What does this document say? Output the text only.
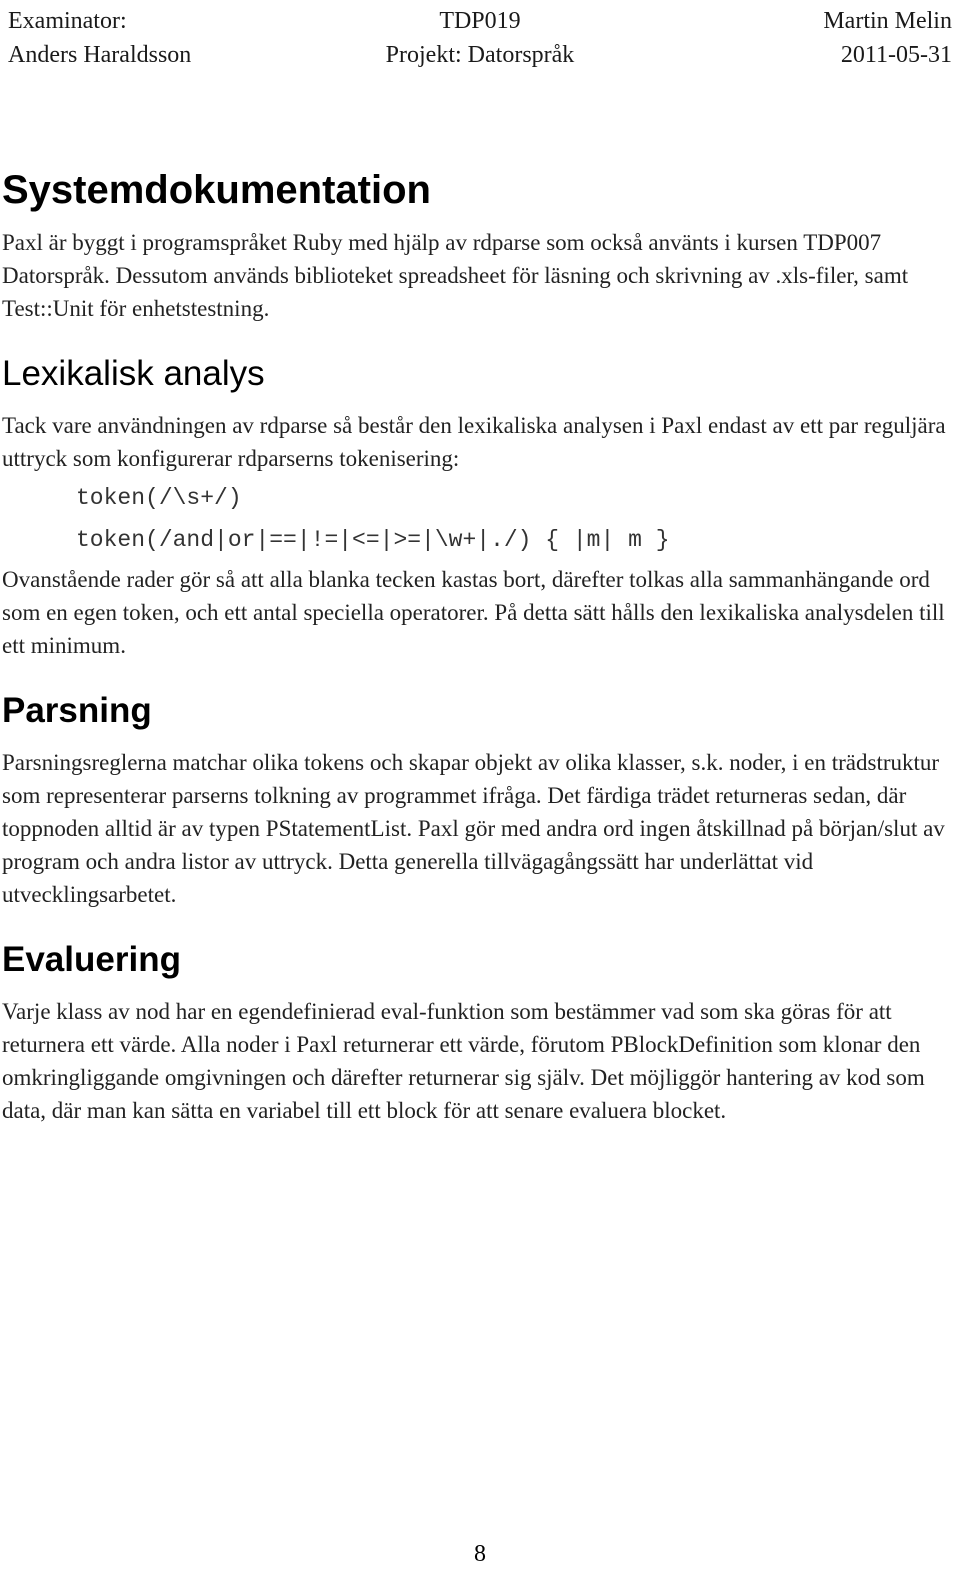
Examinator:	TDP019	Martin Melin
Anders Haraldsson	Projekt: Datorspråk	2011-05-31
Systemdokumentation

Paxl är byggt i programspråket Ruby med hjälp av rdparse som också använts i kursen TDP007 Datorspråk. Dessutom används biblioteket spreadsheet för läsning och skrivning av .xls-filer, samt Test::Unit för enhetstestning.

Lexikalisk analys

Tack vare användningen av rdparse så består den lexikaliska analysen i Paxl endast av ett par reguljära uttryck som konfigurerar rdparserns tokenisering:

token(/\s+/)
token(/and|or|==|!=|<=|>=|\w+|./) { |m| m }

Ovanstående rader gör så att alla blanka tecken kastas bort, därefter tolkas alla sammanhängande ord som en egen token, och ett antal speciella operatorer. På detta sätt hålls den lexikaliska analysdelen till ett minimum.

Parsning

Parsningsreglerna matchar olika tokens och skapar objekt av olika klasser, s.k. noder, i en trädstruktur som representerar parserns tolkning av programmet ifråga. Det färdiga trädet returneras sedan, där toppnoden alltid är av typen PStatementList. Paxl gör med andra ord ingen åtskillnad på början/slut av program och andra listor av uttryck. Detta generella tillvägagångssätt har underlättat vid utvecklingsarbetet.

Evaluering

Varje klass av nod har en egendefinierad eval-funktion som bestämmer vad som ska göras för att returnera ett värde. Alla noder i Paxl returnerar ett värde, förutom PBlockDefinition som klonar den omkringliggande omgivningen och därefter returnerar sig själv. Det möjliggör hantering av kod som data, där man kan sätta en variabel till ett block för att senare evaluera blocket.

8
